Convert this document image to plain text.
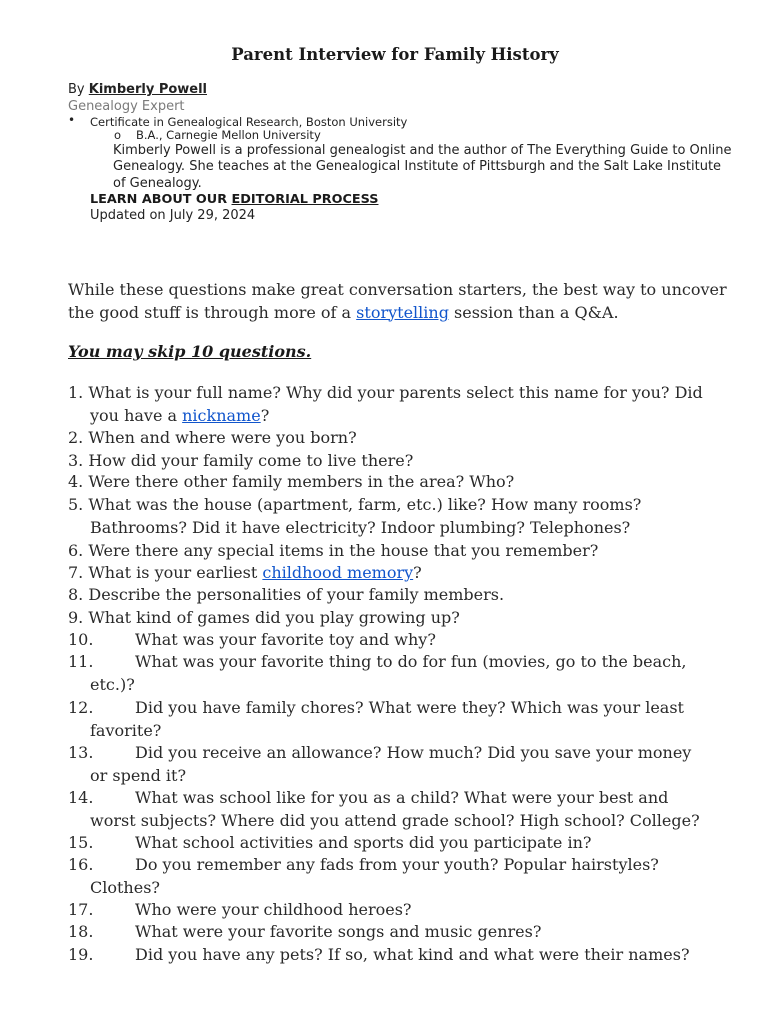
Parent Interview for Family History
By Kimberly Powell
Genealogy Expert
• Certificate in Genealogical Research, Boston University
o B.A., Carnegie Mellon University
Kimberly Powell is a professional genealogist and the author of The Everything Guide to Online Genealogy. She teaches at the Genealogical Institute of Pittsburgh and the Salt Lake Institute of Genealogy.
LEARN ABOUT OUR EDITORIAL PROCESS
Updated on July 29, 2024
While these questions make great conversation starters, the best way to uncover the good stuff is through more of a storytelling session than a Q&A.
You may skip 10 questions.
1. What is your full name? Why did your parents select this name for you? Did
you have a nickname?
2. When and where were you born?
3. How did your family come to live there?
4. Were there other family members in the area? Who?
5. What was the house (apartment, farm, etc.) like? How many rooms?
Bathrooms? Did it have electricity? Indoor plumbing? Telephones?
6. Were there any special items in the house that you remember?
7. What is your earliest childhood memory?
8. Describe the personalities of your family members.
9. What kind of games did you play growing up?
10.	What was your favorite toy and why?
11.	What was your favorite thing to do for fun (movies, go to the beach,
etc.)?
12.	Did you have family chores? What were they? Which was your least
favorite?
13.	Did you receive an allowance? How much? Did you save your money
or spend it?
14.	What was school like for you as a child? What were your best and
worst subjects? Where did you attend grade school? High school? College?
15.	What school activities and sports did you participate in?
16.	Do you remember any fads from your youth? Popular hairstyles?
Clothes?
17.	Who were your childhood heroes?
18.	What were your favorite songs and music genres?
19.	Did you have any pets? If so, what kind and what were their names?
